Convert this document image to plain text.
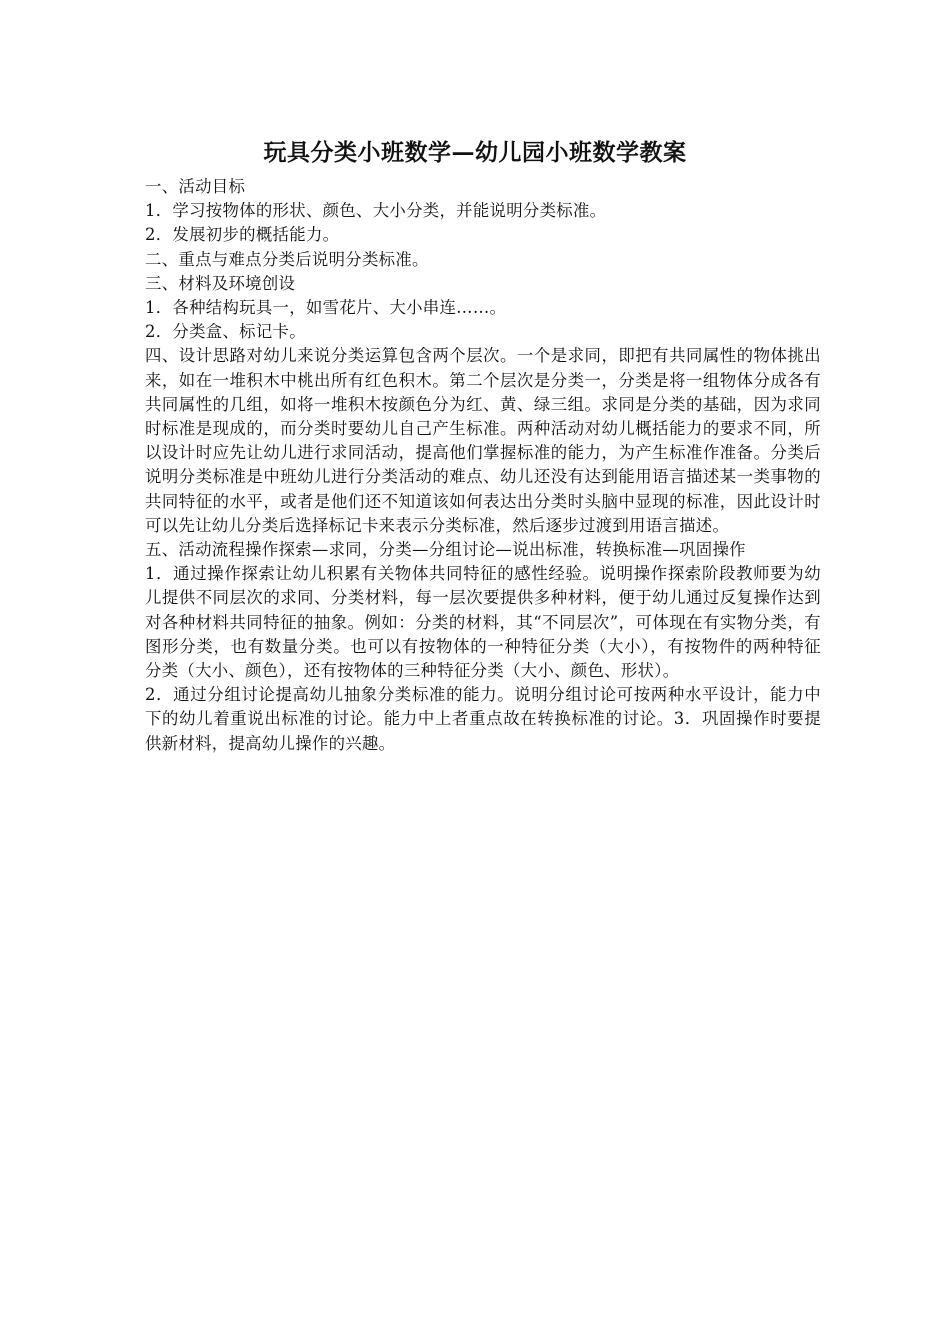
玩具分类小班数学—幼儿园小班数学教案

一、活动目标

1．学习按物体的形状、颜色、大小分类，并能说明分类标准。

2．发展初步的概括能力。

二、重点与难点分类后说明分类标准。

三、材料及环境创设

1．各种结构玩具一，如雪花片、大小串连……。

2．分类盒、标记卡。

四、设计思路对幼儿来说分类运算包含两个层次。一个是求同，即把有共同属性的物体挑出来，如在一堆积木中桃出所有红色积木。第二个层次是分类一，分类是将一组物体分成各有共同属性的几组，如将一堆积木按颜色分为红、黄、绿三组。求同是分类的基础，因为求同时标准是现成的，而分类时要幼儿自己产生标准。两种活动对幼儿概括能力的要求不同，所以设计时应先让幼儿进行求同活动，提高他们掌握标准的能力，为产生标准作准备。分类后说明分类标准是中班幼儿进行分类活动的难点、幼儿还没有达到能用语言描述某一类事物的共同特征的水平，或者是他们还不知道该如何表达出分类时头脑中显现的标准，因此设计时可以先让幼儿分类后选择标记卡来表示分类标准，然后逐步过渡到用语言描述。

五、活动流程操作探索—求同，分类—分组讨论—说出标准，转换标准—巩固操作

1．通过操作探索让幼儿积累有关物体共同特征的感性经验。说明操作探索阶段教师要为幼儿提供不同层次的求同、分类材料，每一层次要提供多种材料，便于幼儿通过反复操作达到对各种材料共同特征的抽象。例如：分类的材料，其“不同层次”，可体现在有实物分类，有图形分类，也有数量分类。也可以有按物体的一种特征分类（大小），有按物件的两种特征分类（大小、颜色），还有按物体的三种特征分类（大小、颜色、形状）。

2．通过分组讨论提高幼儿抽象分类标准的能力。说明分组讨论可按两种水平设计，能力中下的幼儿着重说出标准的讨论。能力中上者重点故在转换标准的讨论。3．巩固操作时要提供新材料，提高幼儿操作的兴趣。
